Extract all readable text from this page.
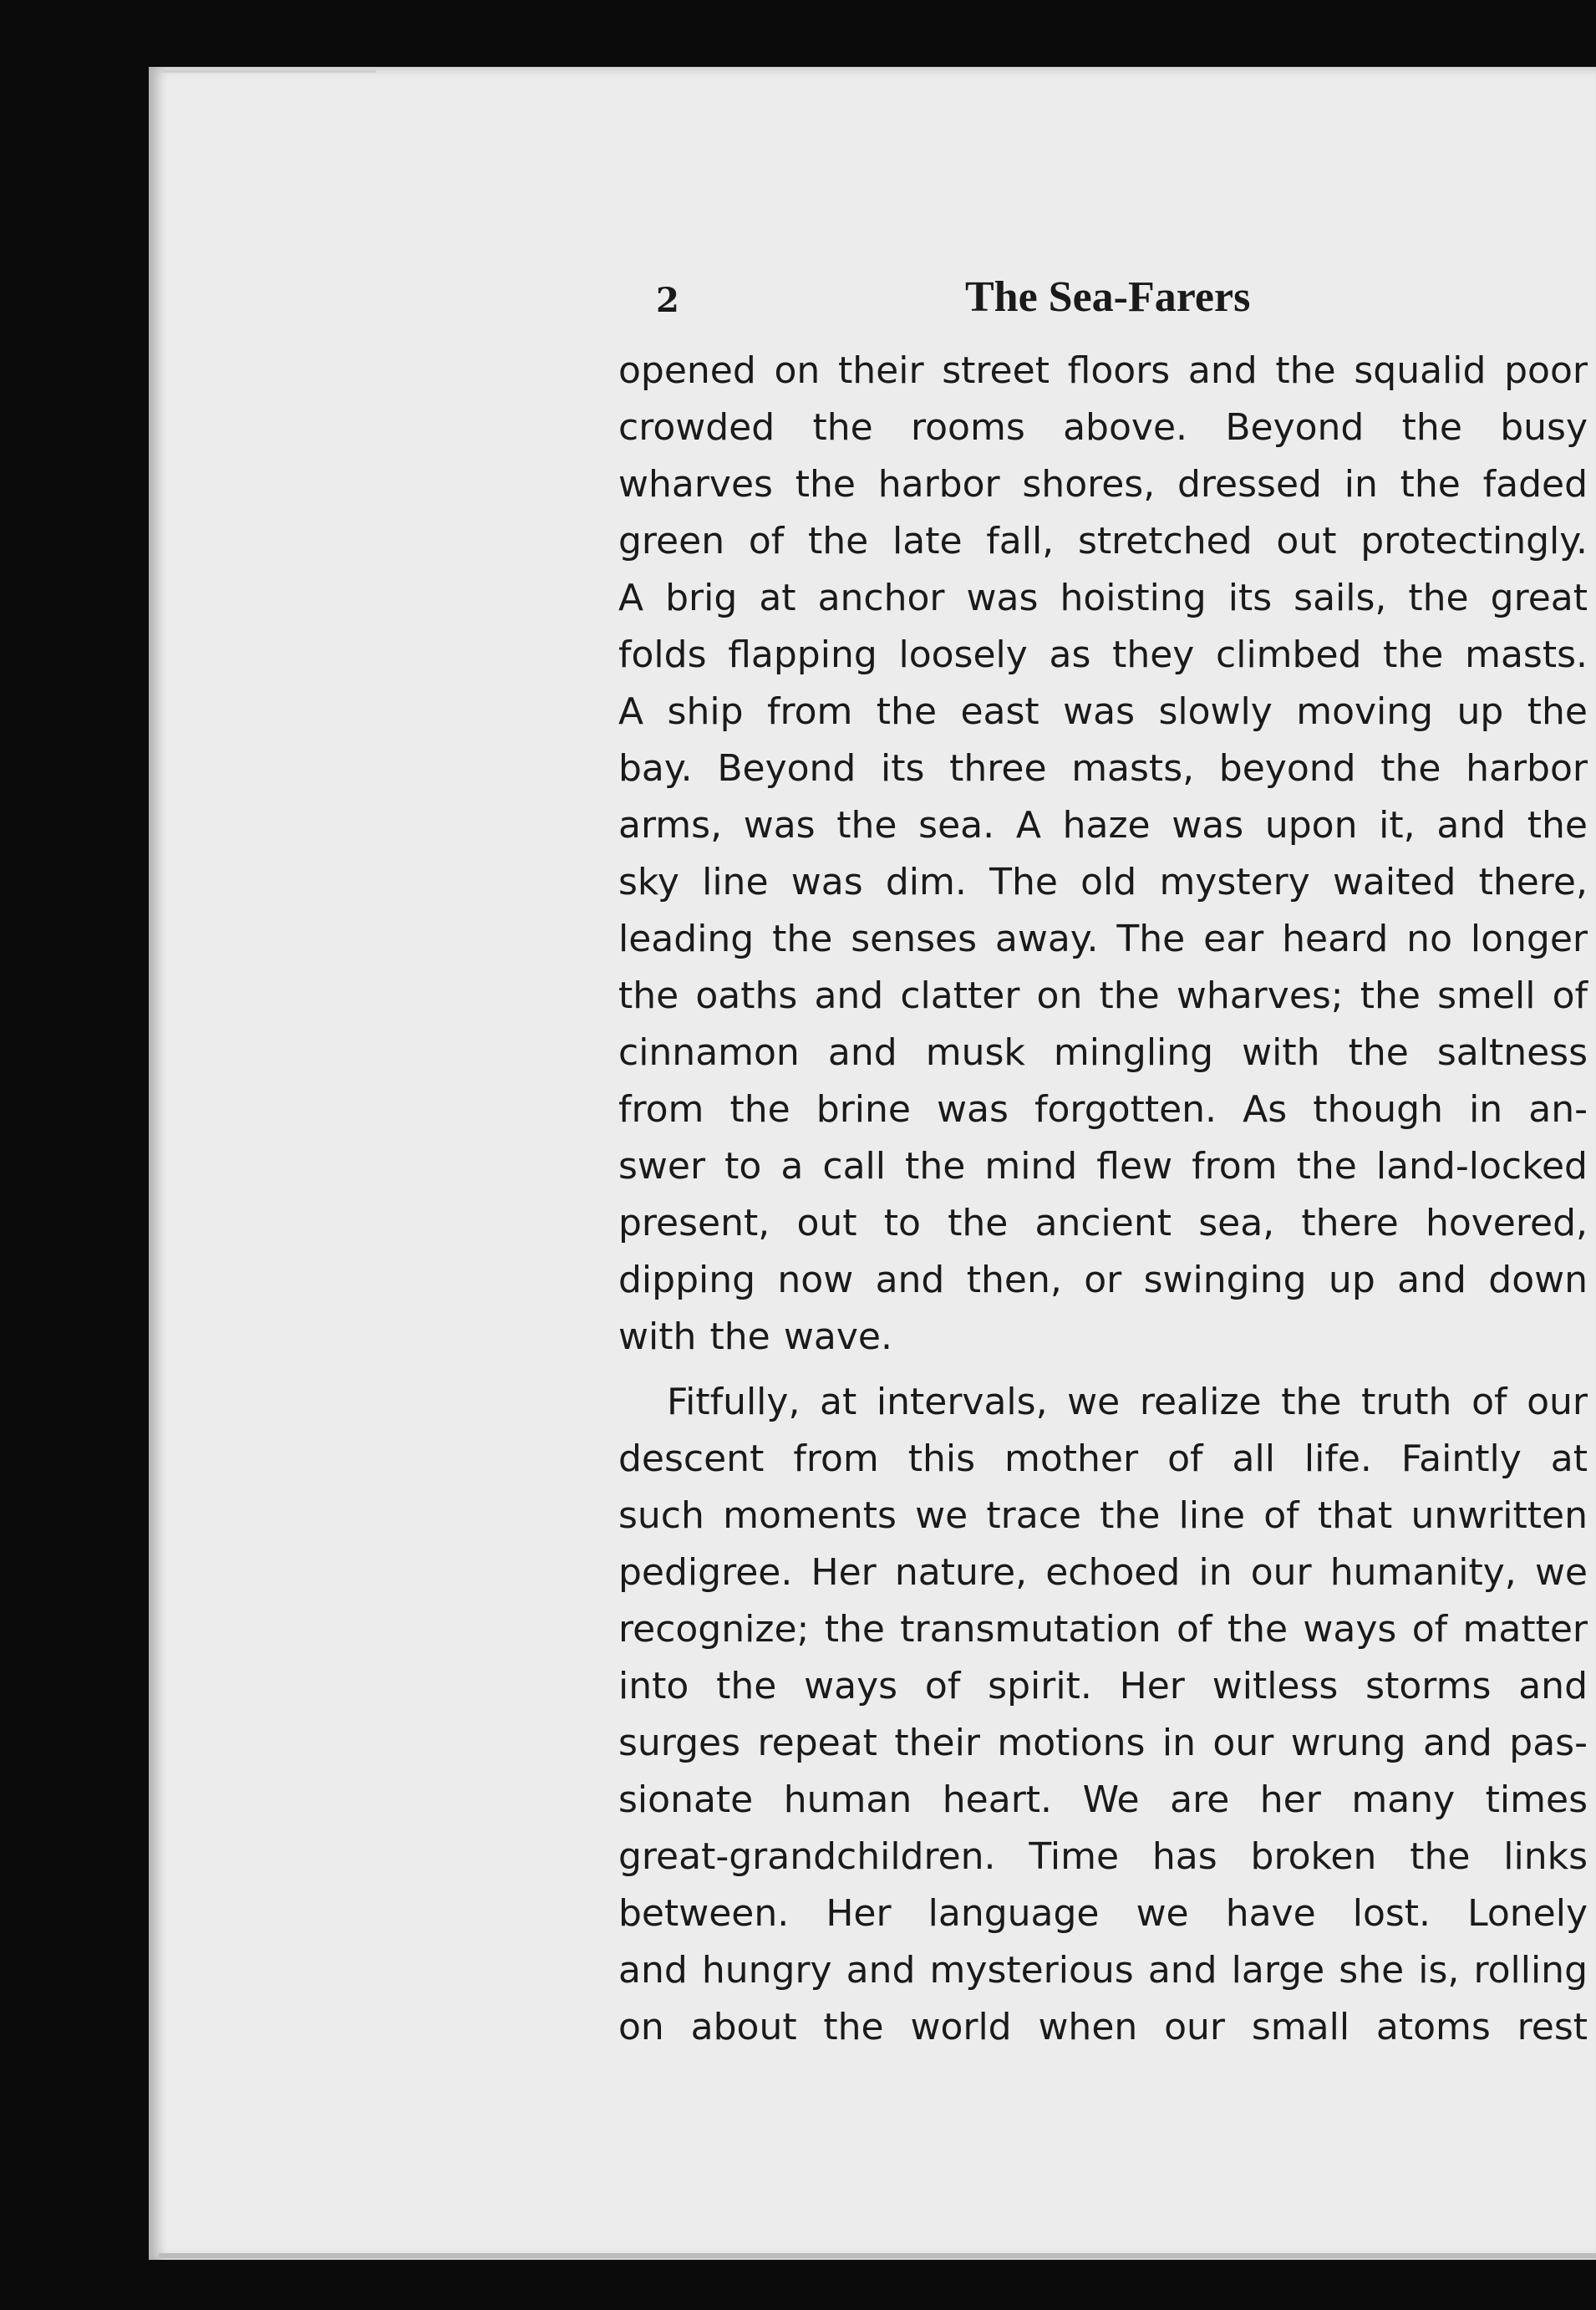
2	The Sea-Farers

opened on their street floors and the squalid poor
crowded the rooms above. Beyond the busy
wharves the harbor shores, dressed in the faded
green of the late fall, stretched out protectingly.
A brig at anchor was hoisting its sails, the great
folds flapping loosely as they climbed the masts.
A ship from the east was slowly moving up the
bay. Beyond its three masts, beyond the harbor
arms, was the sea. A haze was upon it, and the
sky line was dim. The old mystery waited there,
leading the senses away. The ear heard no longer
the oaths and clatter on the wharves; the smell of
cinnamon and musk mingling with the saltness
from the brine was forgotten. As though in an-
swer to a call the mind flew from the land-locked
present, out to the ancient sea, there hovered,
dipping now and then, or swinging up and down
with the wave.

Fitfully, at intervals, we realize the truth of our
descent from this mother of all life. Faintly at
such moments we trace the line of that unwritten
pedigree. Her nature, echoed in our humanity, we
recognize; the transmutation of the ways of matter
into the ways of spirit. Her witless storms and
surges repeat their motions in our wrung and pas-
sionate human heart. We are her many times
great-grandchildren. Time has broken the links
between. Her language we have lost. Lonely
and hungry and mysterious and large she is, rolling
on about the world when our small atoms rest
